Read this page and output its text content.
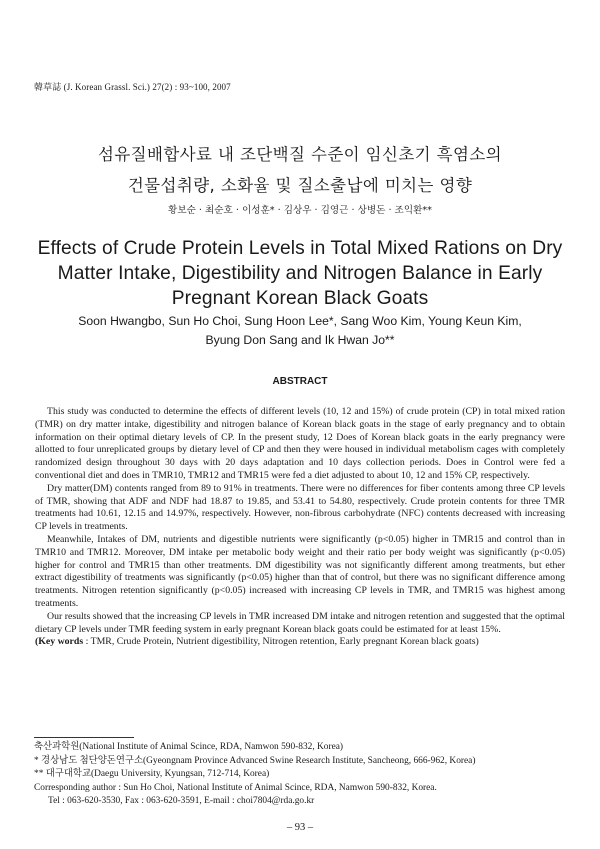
韓草誌 (J. Korean Grassl. Sci.) 27(2) : 93~100, 2007
섬유질배합사료 내 조단백질 수준이 임신초기 흑염소의
건물섭취량, 소화율 및 질소출납에 미치는 영향
황보순 · 최순호 · 이성훈* · 김상우 · 김영근 · 상병돈 · 조익환**
Effects of Crude Protein Levels in Total Mixed Rations on Dry
Matter Intake, Digestibility and Nitrogen Balance in Early
Pregnant Korean Black Goats
Soon Hwangbo, Sun Ho Choi, Sung Hoon Lee*, Sang Woo Kim, Young Keun Kim,
Byung Don Sang and Ik Hwan Jo**
ABSTRACT

This study was conducted to determine the effects of different levels (10, 12 and 15%) of crude protein (CP) in total mixed ration (TMR) on dry matter intake, digestibility and nitrogen balance of Korean black goats in the stage of early pregnancy and to obtain information on their optimal dietary levels of CP. In the present study, 12 Does of Korean black goats in the early pregnancy were allotted to four unreplicated groups by dietary level of CP and then they were housed in individual metabolism cages with completely randomized design throughout 30 days with 20 days adaptation and 10 days collection periods. Does in Control were fed a conventional diet and does in TMR10, TMR12 and TMR15 were fed a diet adjusted to about 10, 12 and 15% CP, respectively.

Dry matter(DM) contents ranged from 89 to 91% in treatments. There were no differences for fiber contents among three CP levels of TMR, showing that ADF and NDF had 18.87 to 19.85, and 53.41 to 54.80, respectively. Crude protein contents for three TMR treatments had 10.61, 12.15 and 14.97%, respectively. However, non-fibrous carbohydrate (NFC) contents decreased with increasing CP levels in treatments.

Meanwhile, Intakes of DM, nutrients and digestible nutrients were significantly (p<0.05) higher in TMR15 and control than in TMR10 and TMR12. Moreover, DM intake per metabolic body weight and their ratio per body weight was significantly (p<0.05) higher for control and TMR15 than other treatments. DM digestibility was not significantly different among treatments, but ether extract digestibility of treatments was significantly (p<0.05) higher than that of control, but there was no significant difference among treatments. Nitrogen retention significantly (p<0.05) increased with increasing CP levels in TMR, and TMR15 was highest among treatments.

Our results showed that the increasing CP levels in TMR increased DM intake and nitrogen retention and suggested that the optimal dietary CP levels under TMR feeding system in early pregnant Korean black goats could be estimated for at least 15%.

(Key words : TMR, Crude Protein, Nutrient digestibility, Nitrogen retention, Early pregnant Korean black goats)

축산과학원(National Institute of Animal Scince, RDA, Namwon 590-832, Korea)
* 경상남도 첨단양돈연구소(Gyeongnam Province Advanced Swine Research Institute, Sancheong, 666-962, Korea)
** 대구대학교(Daegu University, Kyungsan, 712-714, Korea)
Corresponding author : Sun Ho Choi, National Institute of Animal Scince, RDA, Namwon 590-832, Korea.
Tel : 063-620-3530, Fax : 063-620-3591, E-mail : choi7804@rda.go.kr
– 93 –
